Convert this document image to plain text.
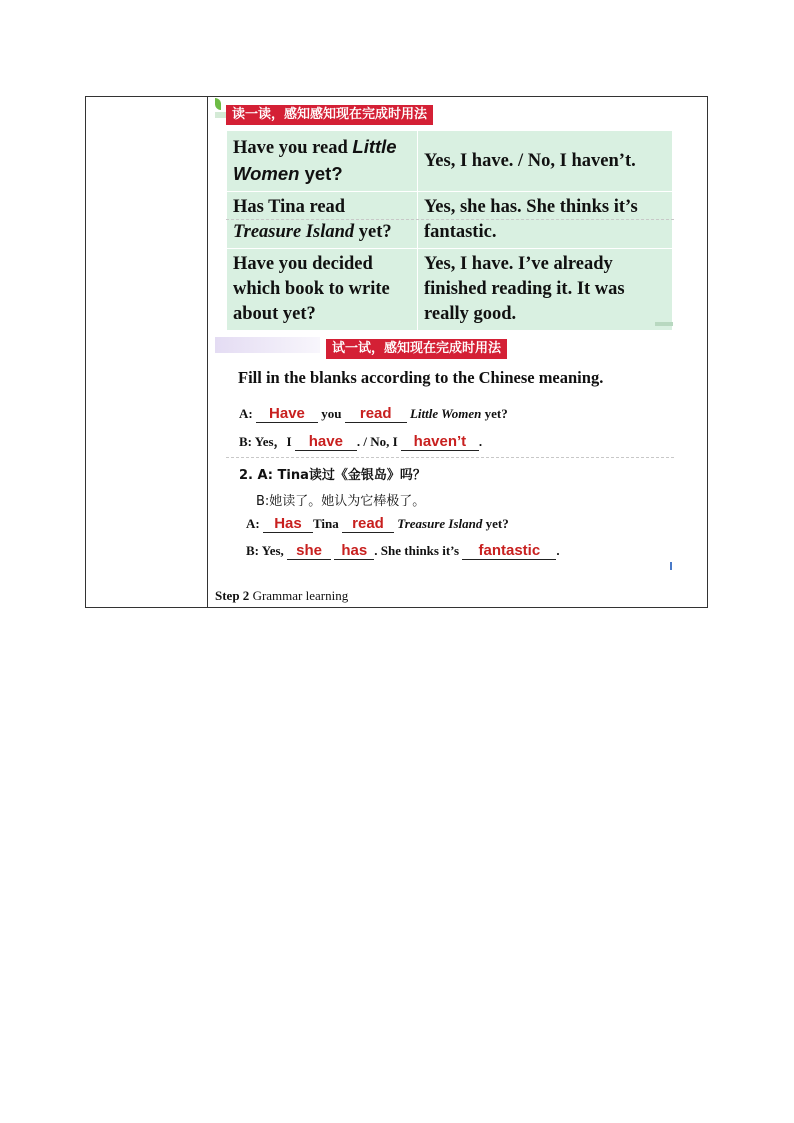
读一读，感知感知现在完成时用法
Have you read Little Women yet?	Yes, I have. / No, I haven’t.
Has Tina read Treasure Island yet?	Yes, she has. She thinks it’s fantastic.
Have you decided which book to write about yet?	Yes, I have. I’ve already finished reading it. It was really good.
试一试，感知现在完成时用法
Fill in the blanks according to the Chinese meaning.
A: Have you read Little Women yet?
B: Yes，I have . / No, I haven’t .
2. A: Tina读过《金银岛》吗？
B:她读了。她认为它棒极了。
A: Has Tina read Treasure Island yet?
B: Yes, she has . She thinks it’s fantastic .
Step 2 Grammar learning
